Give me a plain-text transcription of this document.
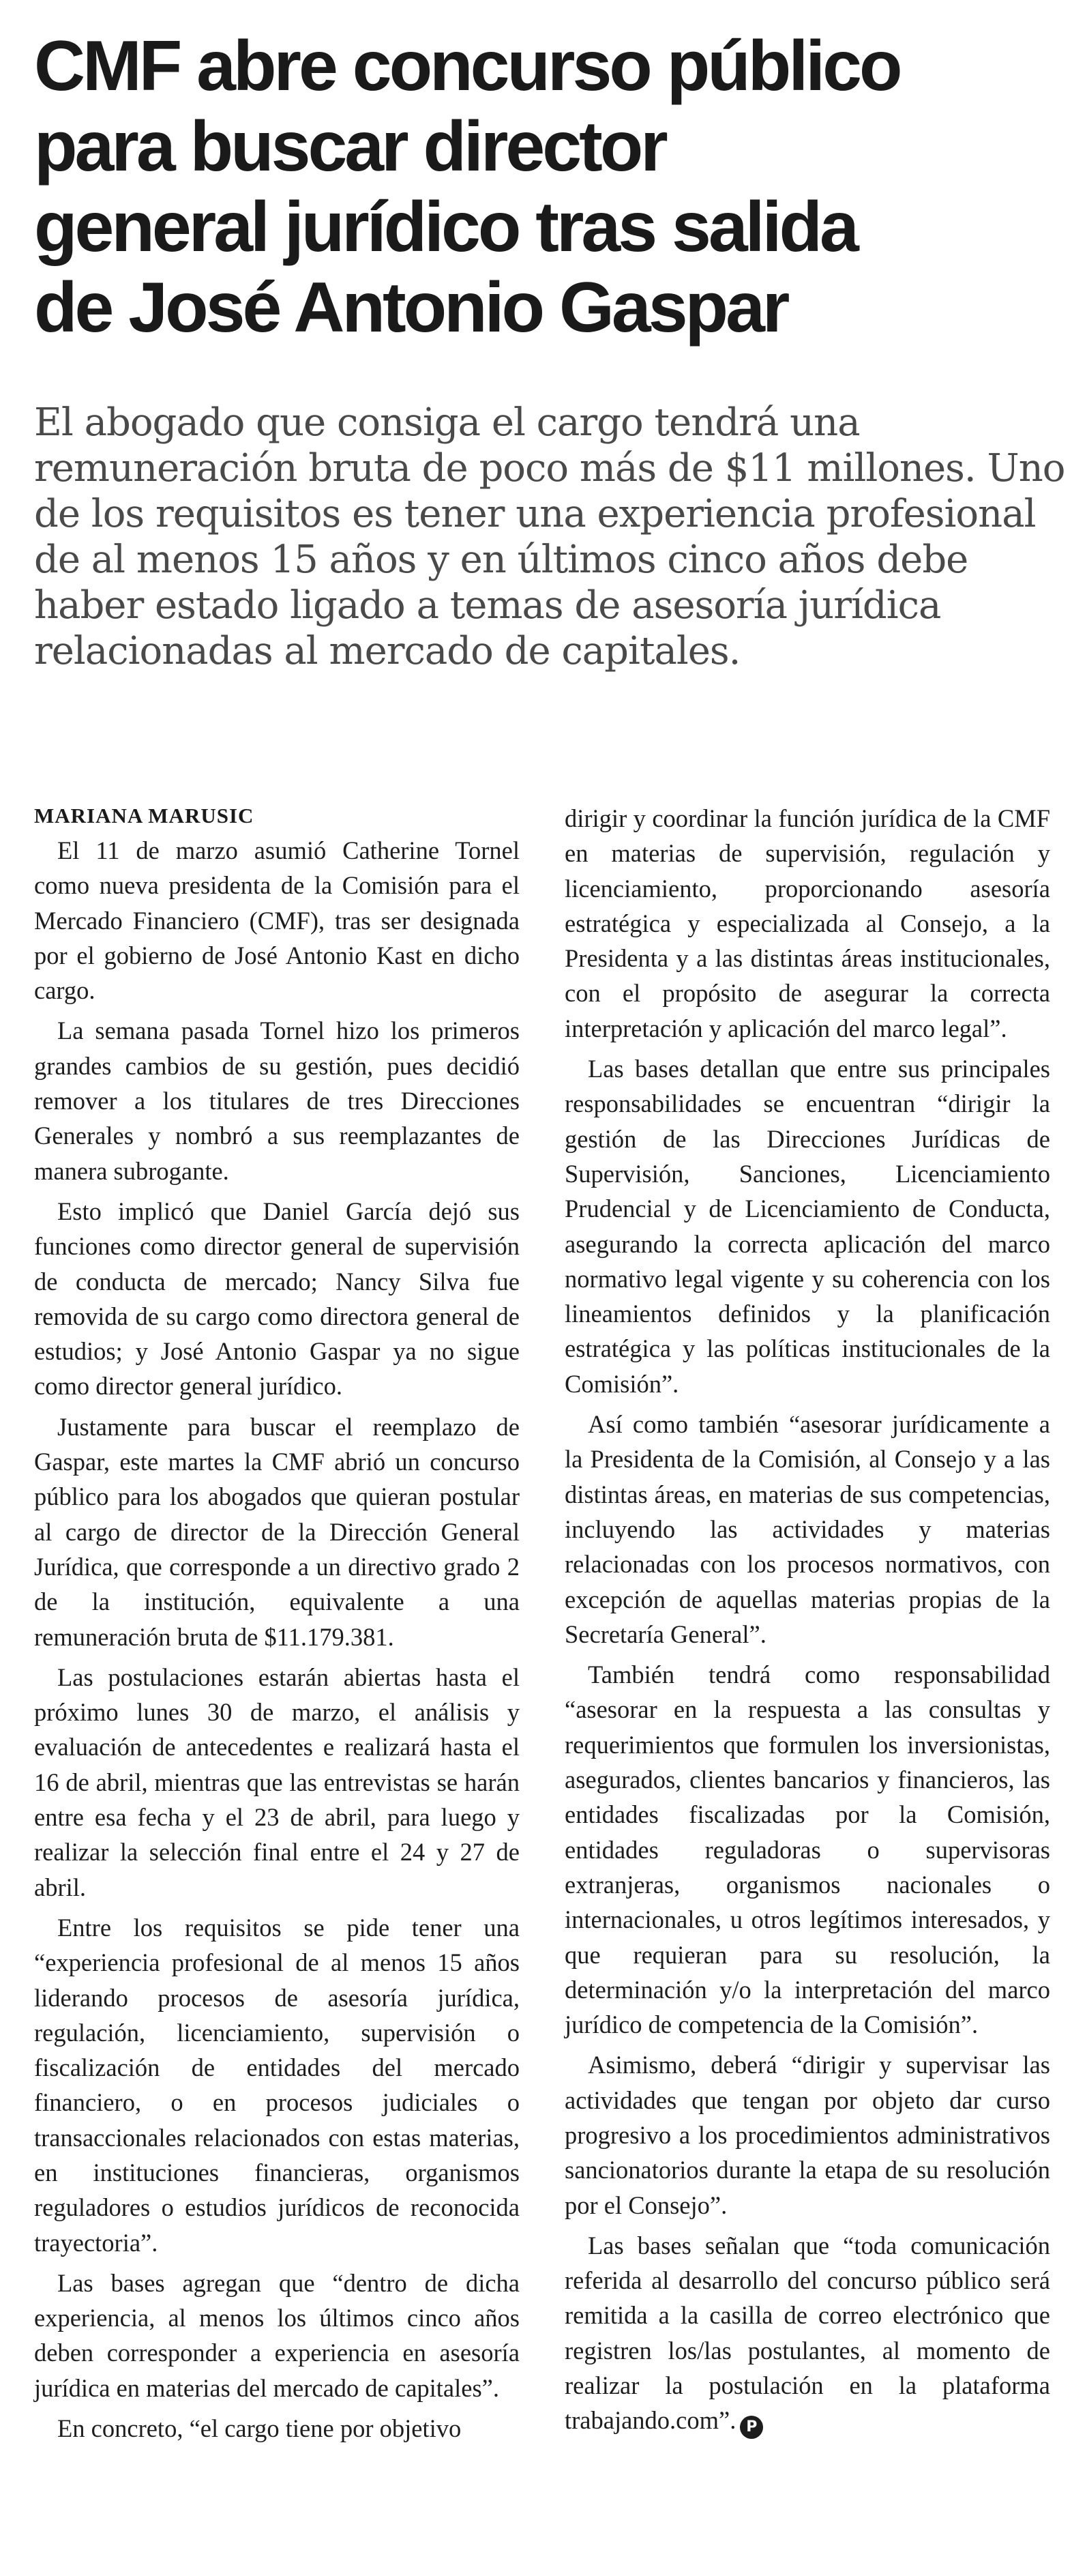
CMF abre concurso público
para buscar director
general jurídico tras salida
de José Antonio Gaspar
El abogado que consiga el cargo tendrá una
remuneración bruta de poco más de $11 millones. Uno
de los requisitos es tener una experiencia profesional
de al menos 15 años y en últimos cinco años debe
haber estado ligado a temas de asesoría jurídica
relacionadas al mercado de capitales.
MARIANA MARUSIC

El 11 de marzo asumió Catherine Tornel como nueva presidenta de la Comisión para el Mercado Financiero (CMF), tras ser designada por el gobierno de José Antonio Kast en dicho cargo.

La semana pasada Tornel hizo los primeros grandes cambios de su gestión, pues decidió remover a los titulares de tres Direcciones Generales y nombró a sus reemplazantes de manera subrogante.

Esto implicó que Daniel García dejó sus funciones como director general de supervisión de conducta de mercado; Nancy Silva fue removida de su cargo como directora general de estudios; y José Antonio Gaspar ya no sigue como director general jurídico.

Justamente para buscar el reemplazo de Gaspar, este martes la CMF abrió un concurso público para los abogados que quieran postular al cargo de director de la Dirección General Jurídica, que corresponde a un directivo grado 2 de la institución, equivalente a una remuneración bruta de $11.179.381.

Las postulaciones estarán abiertas hasta el próximo lunes 30 de marzo, el análisis y evaluación de antecedentes e realizará hasta el 16 de abril, mientras que las entrevistas se harán entre esa fecha y el 23 de abril, para luego y realizar la selección final entre el 24 y 27 de abril.

Entre los requisitos se pide tener una “experiencia profesional de al menos 15 años liderando procesos de asesoría jurídica, regulación, licenciamiento, supervisión o fiscalización de entidades del mercado financiero, o en procesos judiciales o transaccionales relacionados con estas materias, en instituciones financieras, organismos reguladores o estudios jurídicos de reconocida trayectoria”.

Las bases agregan que “dentro de dicha experiencia, al menos los últimos cinco años deben corresponder a experiencia en asesoría jurídica en materias del mercado de capitales”.

En concreto, “el cargo tiene por objetivo

dirigir y coordinar la función jurídica de la CMF en materias de supervisión, regulación y licenciamiento, proporcionando asesoría estratégica y especializada al Consejo, a la Presidenta y a las distintas áreas institucionales, con el propósito de asegurar la correcta interpretación y aplicación del marco legal”.

Las bases detallan que entre sus principales responsabilidades se encuentran “dirigir la gestión de las Direcciones Jurídicas de Supervisión, Sanciones, Licenciamiento Prudencial y de Licenciamiento de Conducta, asegurando la correcta aplicación del marco normativo legal vigente y su coherencia con los lineamientos definidos y la planificación estratégica y las políticas institucionales de la Comisión”.

Así como también “asesorar jurídicamente a la Presidenta de la Comisión, al Consejo y a las distintas áreas, en materias de sus competencias, incluyendo las actividades y materias relacionadas con los procesos normativos, con excepción de aquellas materias propias de la Secretaría General”.

También tendrá como responsabilidad “asesorar en la respuesta a las consultas y requerimientos que formulen los inversionistas, asegurados, clientes bancarios y financieros, las entidades fiscalizadas por la Comisión, entidades reguladoras o supervisoras extranjeras, organismos nacionales o internacionales, u otros legítimos interesados, y que requieran para su resolución, la determinación y/o la interpretación del marco jurídico de competencia de la Comisión”.

Asimismo, deberá “dirigir y supervisar las actividades que tengan por objeto dar curso progresivo a los procedimientos administrativos sancionatorios durante la etapa de su resolución por el Consejo”.

Las bases señalan que “toda comunicación referida al desarrollo del concurso público será remitida a la casilla de correo electrónico que registren los/las postulantes, al momento de realizar la postulación en la plataforma trabajando.com”. P
